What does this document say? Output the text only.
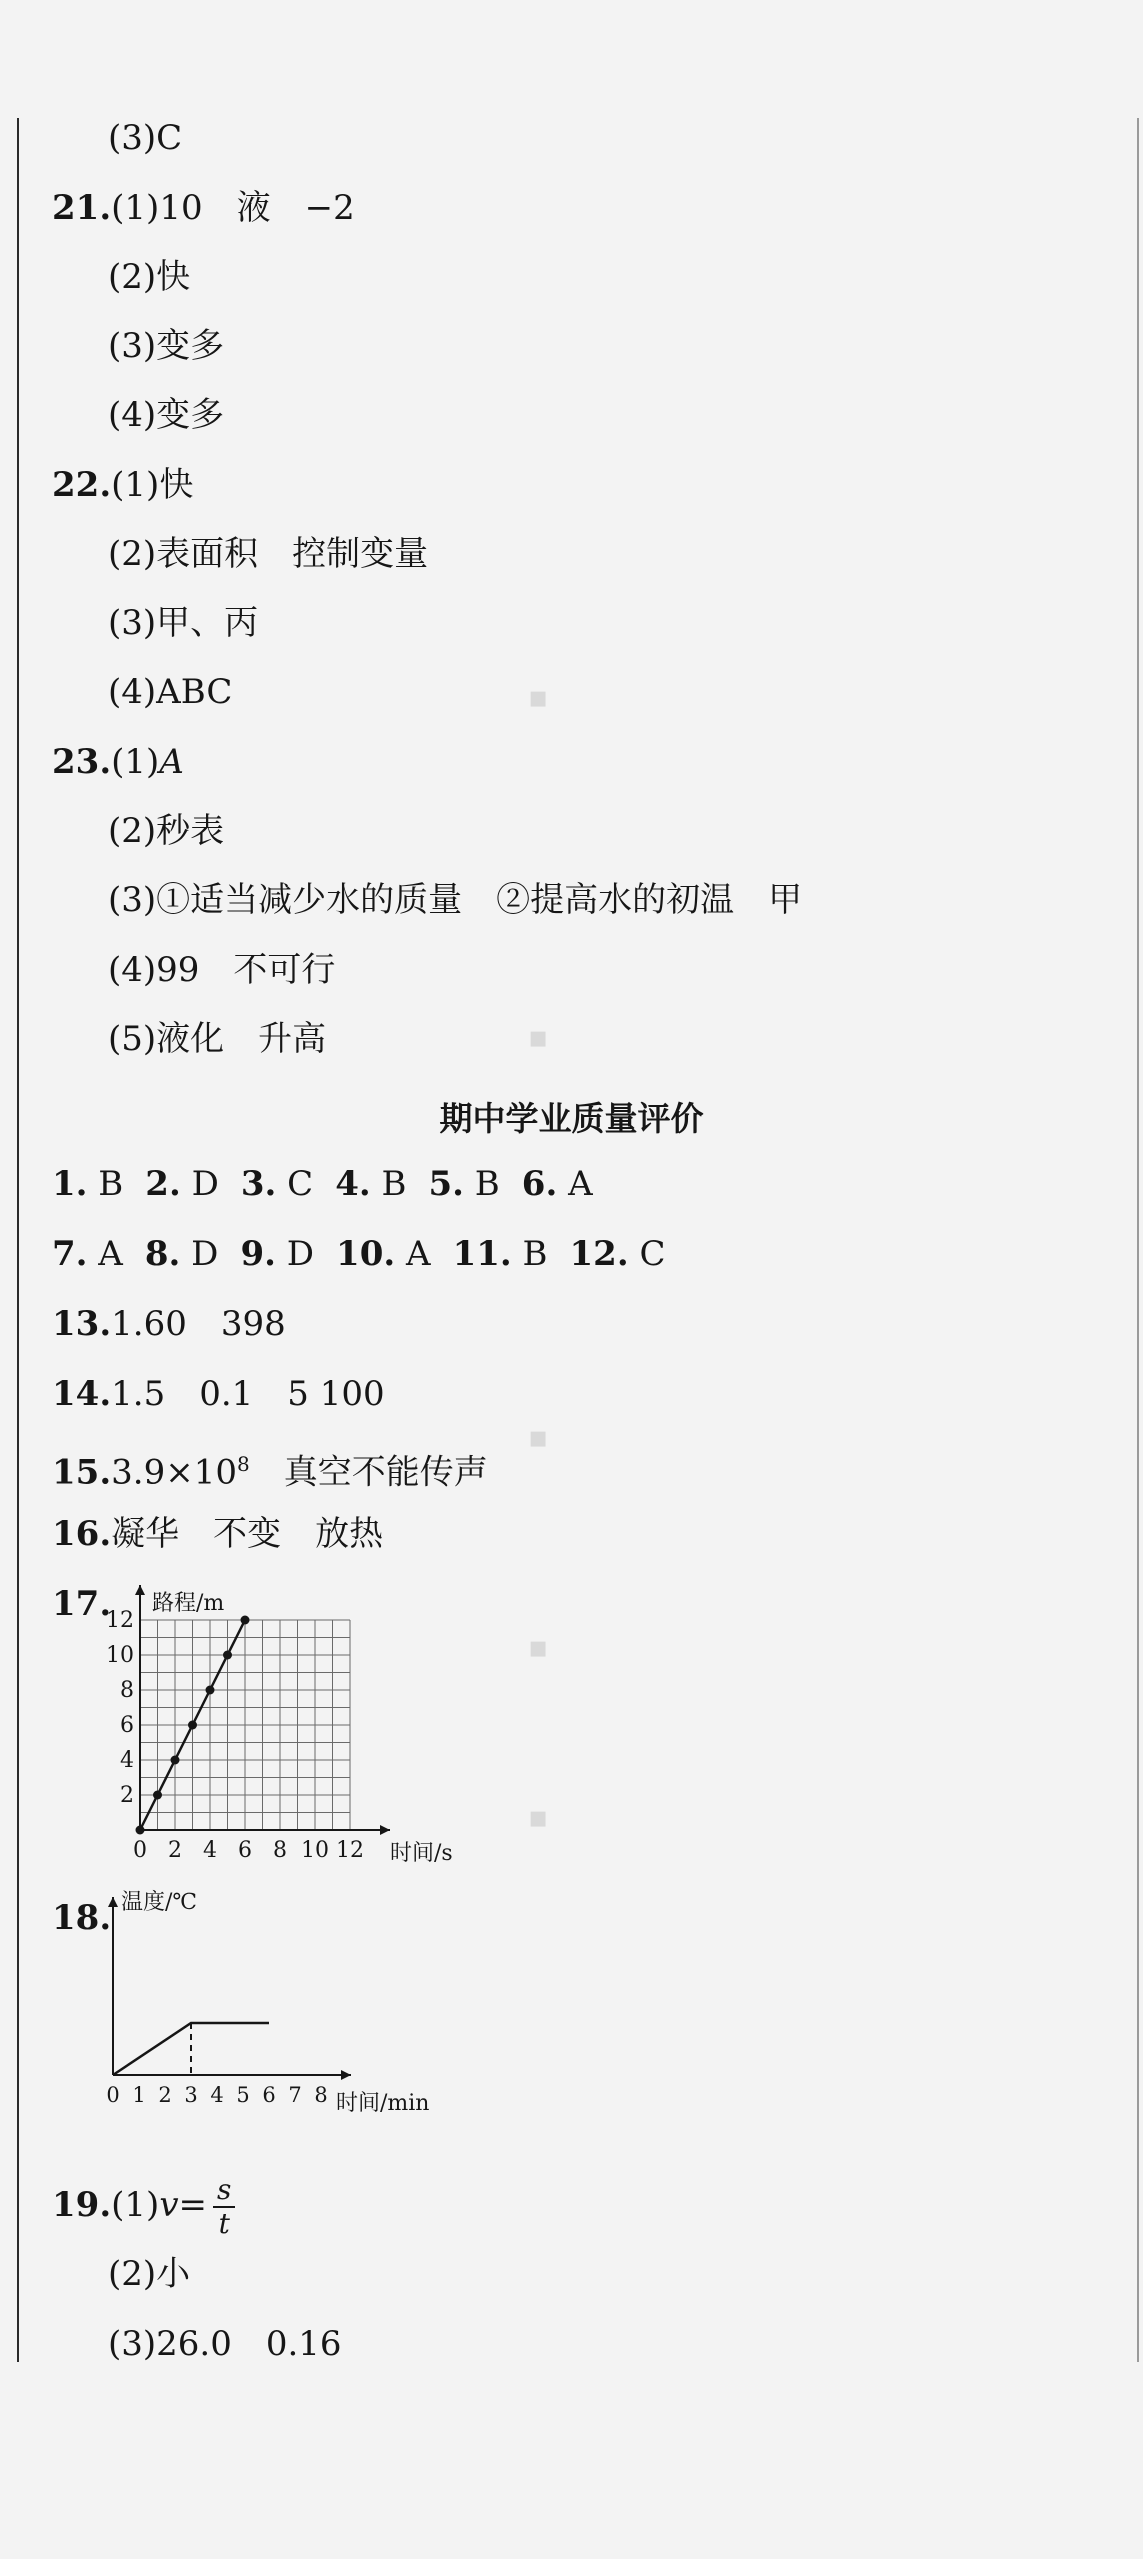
▪
▪
▪
▪
▪
(3)C
21.(1)10　液　−2
(2)快
(3)变多
(4)变多
22.(1)快
(2)表面积　控制变量
(3)甲、丙
(4)ABC
23.(1)A
(2)秒表
(3)①适当减少水的质量　②提高水的初温　甲
(4)99　不可行
(5)液化　升高
期中学业质量评价
1. B 2. D 3. C 4. B 5. B 6. A
7. A 8. D 9. D 10. A 11. B 12. C
13.1.60　398
14.1.5　0.1　5 100
$15.3.9\times 10^8$　真空不能传声
16.凝华　不变　放热
17.
0 2 4 6 8 10 12
2
4
6
8
10
12
路程/m
时间/s
18.
0 1 2 3 4 5 6 7 8
温度/℃
时间/min
$19.(1)v= \frac{s}{t}$
(2)小
(3)26.0　0.16
